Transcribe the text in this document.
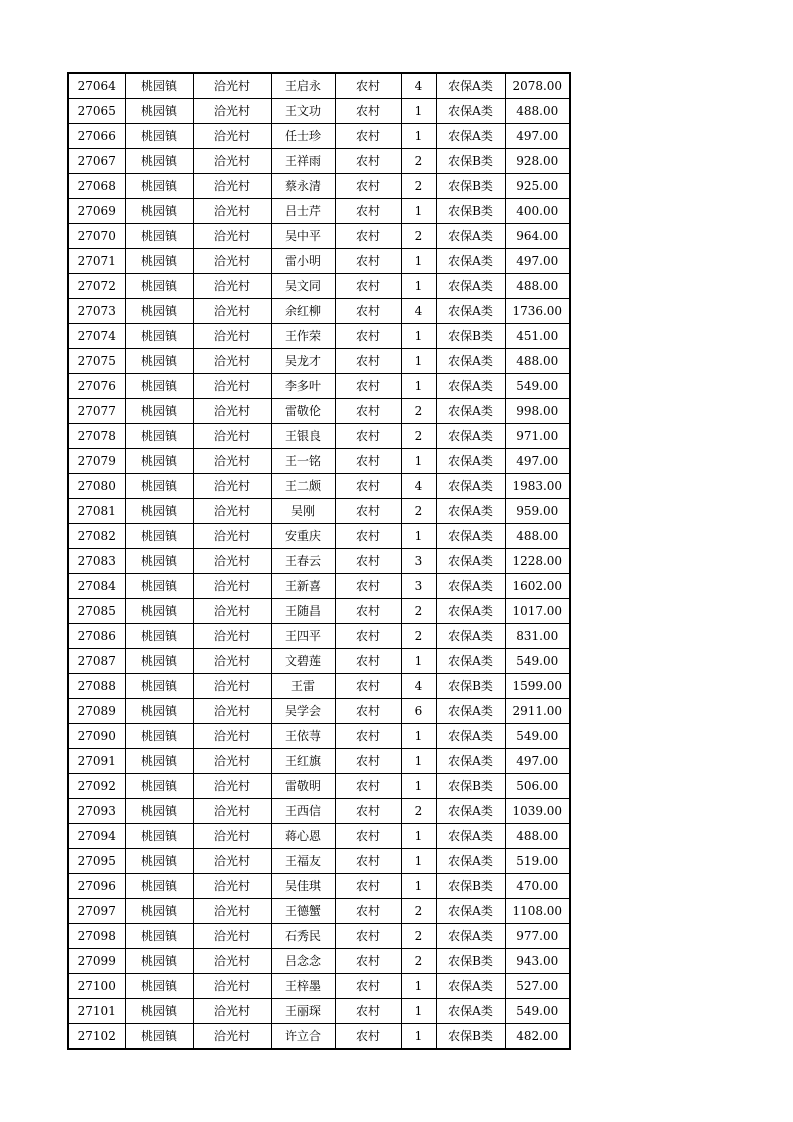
27064	桃园镇	洽光村	王启永	农村	4	农保A类	2078.00
27065	桃园镇	洽光村	王文功	农村	1	农保A类	488.00
27066	桃园镇	洽光村	任士珍	农村	1	农保A类	497.00
27067	桃园镇	洽光村	王祥雨	农村	2	农保B类	928.00
27068	桃园镇	洽光村	蔡永清	农村	2	农保B类	925.00
27069	桃园镇	洽光村	吕士芹	农村	1	农保B类	400.00
27070	桃园镇	洽光村	吴中平	农村	2	农保A类	964.00
27071	桃园镇	洽光村	雷小明	农村	1	农保A类	497.00
27072	桃园镇	洽光村	吴文同	农村	1	农保A类	488.00
27073	桃园镇	洽光村	余红柳	农村	4	农保A类	1736.00
27074	桃园镇	洽光村	王作荣	农村	1	农保B类	451.00
27075	桃园镇	洽光村	吴龙才	农村	1	农保A类	488.00
27076	桃园镇	洽光村	李多叶	农村	1	农保A类	549.00
27077	桃园镇	洽光村	雷敬伦	农村	2	农保A类	998.00
27078	桃园镇	洽光村	王银良	农村	2	农保A类	971.00
27079	桃园镇	洽光村	王一铭	农村	1	农保A类	497.00
27080	桃园镇	洽光村	王二颇	农村	4	农保A类	1983.00
27081	桃园镇	洽光村	吴刚	农村	2	农保A类	959.00
27082	桃园镇	洽光村	安重庆	农村	1	农保A类	488.00
27083	桃园镇	洽光村	王春云	农村	3	农保A类	1228.00
27084	桃园镇	洽光村	王新喜	农村	3	农保A类	1602.00
27085	桃园镇	洽光村	王随昌	农村	2	农保A类	1017.00
27086	桃园镇	洽光村	王四平	农村	2	农保A类	831.00
27087	桃园镇	洽光村	文碧莲	农村	1	农保A类	549.00
27088	桃园镇	洽光村	王雷	农村	4	农保B类	1599.00
27089	桃园镇	洽光村	吴学会	农村	6	农保A类	2911.00
27090	桃园镇	洽光村	王依荨	农村	1	农保A类	549.00
27091	桃园镇	洽光村	王红旗	农村	1	农保A类	497.00
27092	桃园镇	洽光村	雷敬明	农村	1	农保B类	506.00
27093	桃园镇	洽光村	王西信	农村	2	农保A类	1039.00
27094	桃园镇	洽光村	蒋心恩	农村	1	农保A类	488.00
27095	桃园镇	洽光村	王福友	农村	1	农保A类	519.00
27096	桃园镇	洽光村	吴佳琪	农村	1	农保B类	470.00
27097	桃园镇	洽光村	王德蟹	农村	2	农保A类	1108.00
27098	桃园镇	洽光村	石秀民	农村	2	农保A类	977.00
27099	桃园镇	洽光村	吕念念	农村	2	农保B类	943.00
27100	桃园镇	洽光村	王梓墨	农村	1	农保A类	527.00
27101	桃园镇	洽光村	王丽琛	农村	1	农保A类	549.00
27102	桃园镇	洽光村	许立合	农村	1	农保B类	482.00
